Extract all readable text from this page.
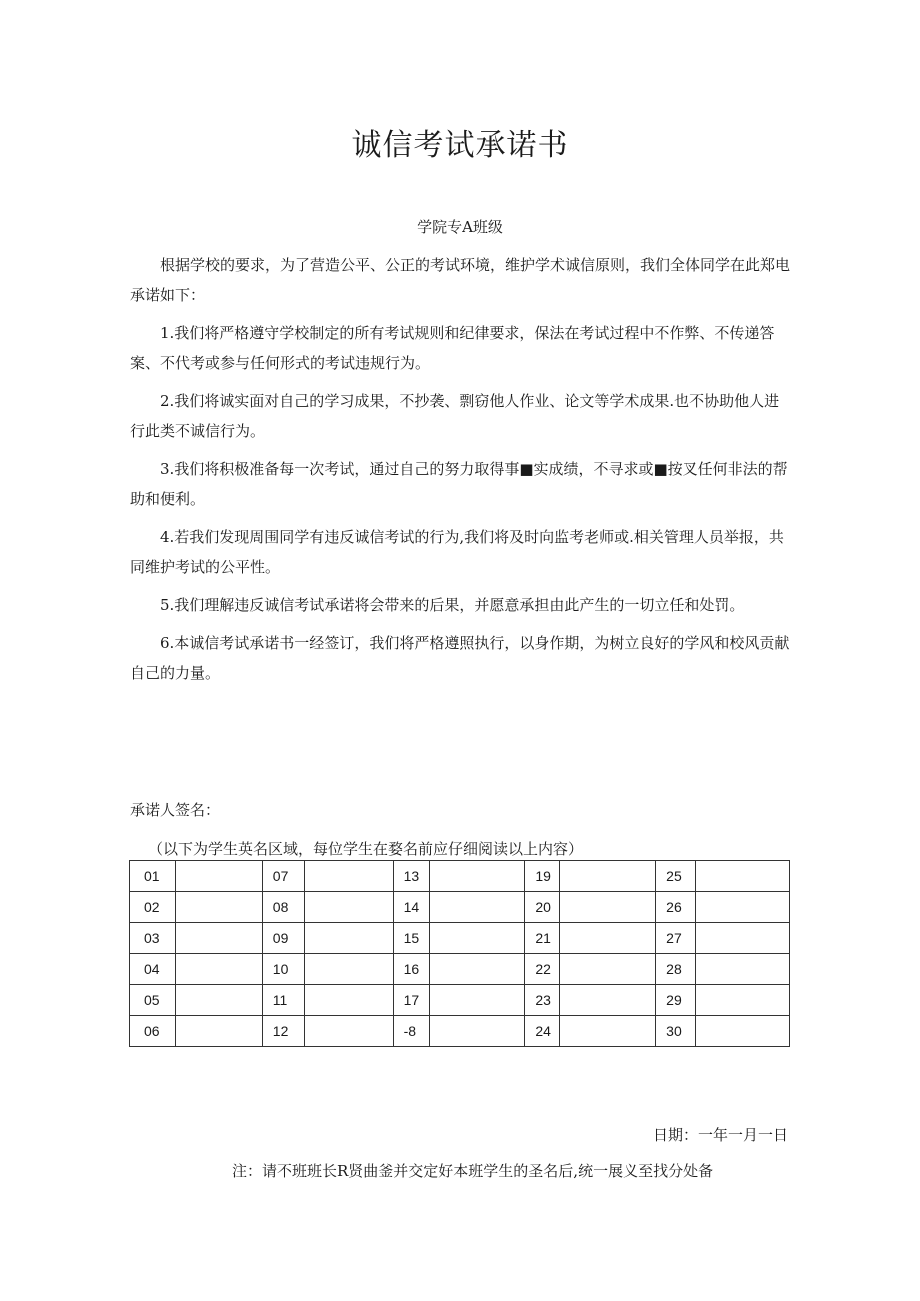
诚信考试承诺书
学院专A班级

根据学校的要求，为了营造公平、公正的考试环境，维护学术诚信原则，我们全体同学在此郑电承诺如下：

1.我们将严格遵守学校制定的所有考试规则和纪律要求，保法在考试过程中不作弊、不传递答案、不代考或参与任何形式的考试违规行为。

2.我们将诚实面对自己的学习成果，不抄袭、剽窃他人作业、论文等学术成果.也不协助他人进行此类不诚信行为。

3.我们将积极准备每一次考试，通过自己的努力取得事■实成绩，不寻求或■按叉任何非法的帮助和便利。

4.若我们发现周围同学有违反诚信考试的行为,我们将及时向监考老师或.相关管理人员举报，共同维护考试的公平性。

5.我们理解违反诚信考试承诺将会带来的后果，并愿意承担由此产生的一切立任和处罚。

6.本诚信考试承诺书一经签订，我们将严格遵照执行，以身作期，为树立良好的学风和校风贡献自己的力量。

承诺人签名：
（以下为学生英名区域，每位学生在婺名前应仔细阅读以上内容）
01		07		13		19		25	
02		08		14		20		26	
03		09		15		21		27	
04		10		16		22		28	
05		11		17		23		29	
06		12		-8		24		30	
日期：一年一月一日
注：请不班班长R贤曲釜并交定好本班学生的圣名后,统一展义至找分处备
